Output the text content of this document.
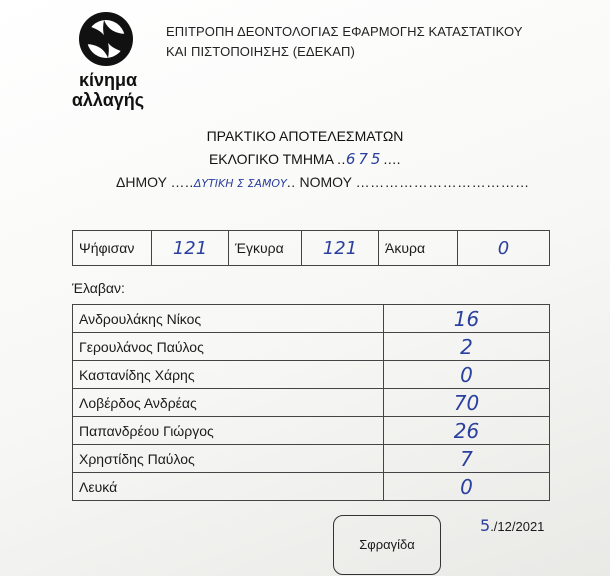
κίνημα
αλλαγής
ΕΠΙΤΡΟΠΗ ΔΕΟΝΤΟΛΟΓΙΑΣ ΕΦΑΡΜΟΓΗΣ ΚΑΤΑΣΤΑΤΙΚΟΥ
ΚΑΙ ΠΙΣΤΟΠΟΙΗΣΗΣ (ΕΔΕΚΑΠ)
ΠΡΑΚΤΙΚΟ ΑΠΟΤΕΛΕΣΜΑΤΩΝ
ΕΚΛΟΓΙΚΟ ΤΜΗΜΑ ..675....
ΔΗΜΟΥ …..ΔΥΤΙΚΗ Σ ΣΑΜΟΥ.. ΝΟΜΟΥ ………………………………
Ψήφισαν	121	Έγκυρα	121	Άκυρα	0
Έλαβαν:
Ανδρουλάκης Νίκος	16
Γερουλάνος Παύλος	2
Καστανίδης Χάρης	0
Λοβέρδος Ανδρέας	70
Παπανδρέου Γιώργος	26
Χρηστίδης Παύλος	7
Λευκά	0
Σφραγίδα
5./12/2021
